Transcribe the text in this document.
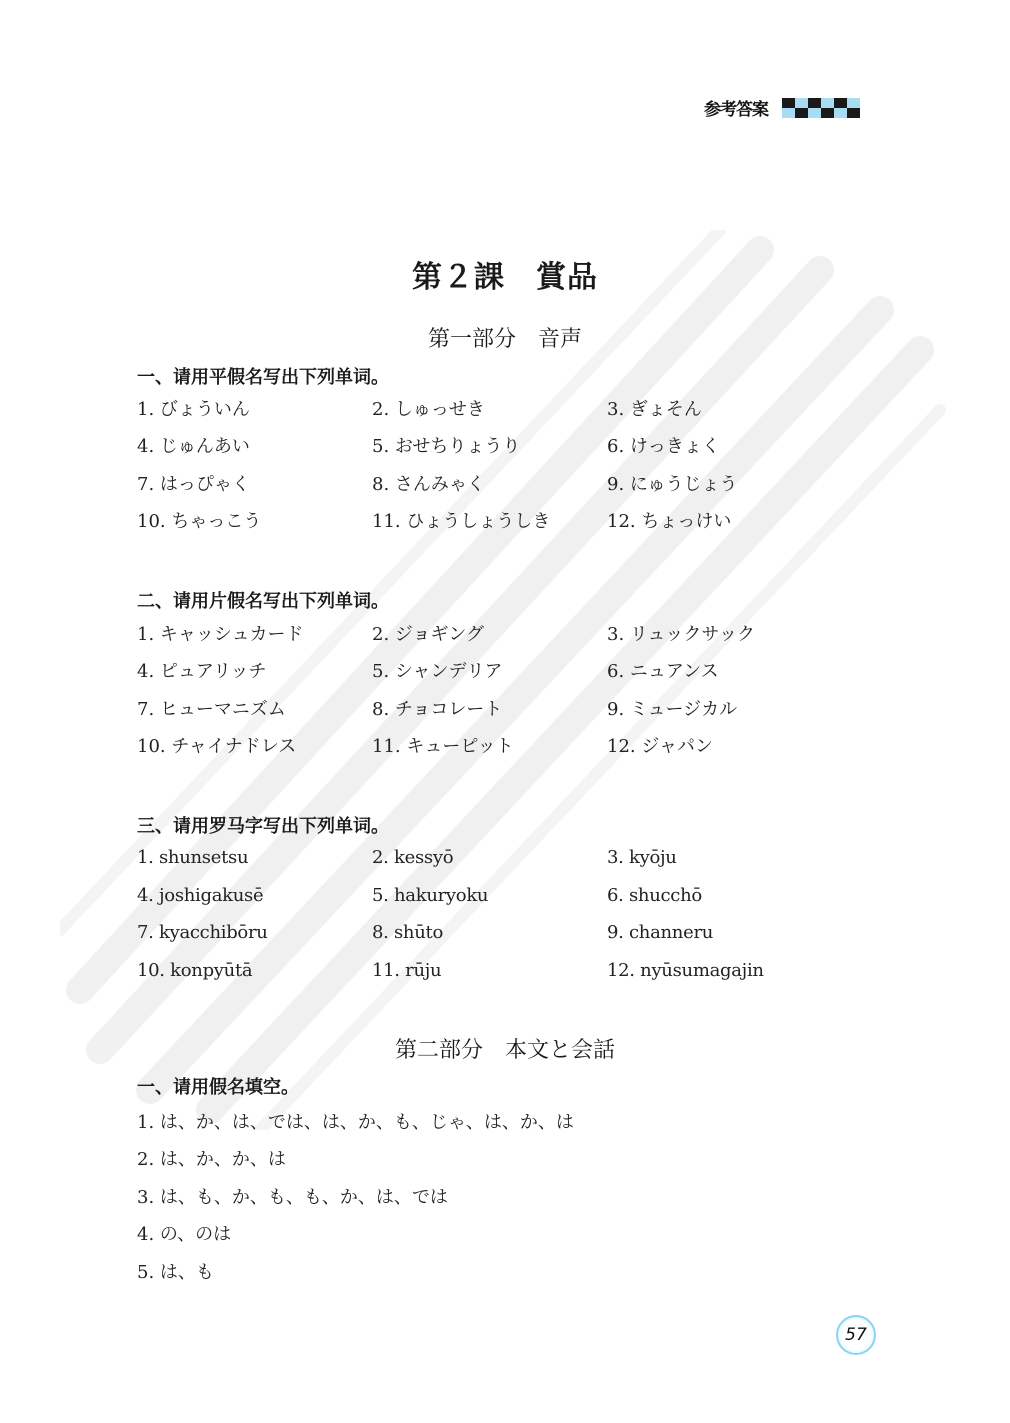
参考答案
第２課　賞品
第一部分　音声
一、请用平假名写出下列单词。
1. びょういん	2. しゅっせき	3. ぎょそん
4. じゅんあい	5. おせちりょうり	6. けっきょく
7. はっぴゃく	8. さんみゃく	9. にゅうじょう
10. ちゃっこう	11. ひょうしょうしき	12. ちょっけい
二、请用片假名写出下列单词。
1. キャッシュカード	2. ジョギング	3. リュックサック
4. ピュアリッチ	5. シャンデリア	6. ニュアンス
7. ヒューマニズム	8. チョコレート	9. ミュージカル
10. チャイナドレス	11. キューピット	12. ジャパン
三、请用罗马字写出下列单词。
1. shunsetsu	2. kessyō	3. kyōju
4. joshigakusē	5. hakuryoku	6. shucchō
7. kyacchibōru	8. shūto	9. channeru
10. konpyūtā	11. rūju	12. nyūsumagajin
第二部分　本文と会話
一、请用假名填空。
1. は、か、は、では、は、か、も、じゃ、は、か、は
2. は、か、か、は
3. は、も、か、も、も、か、は、では
4. の、のは
5. は、も
57
